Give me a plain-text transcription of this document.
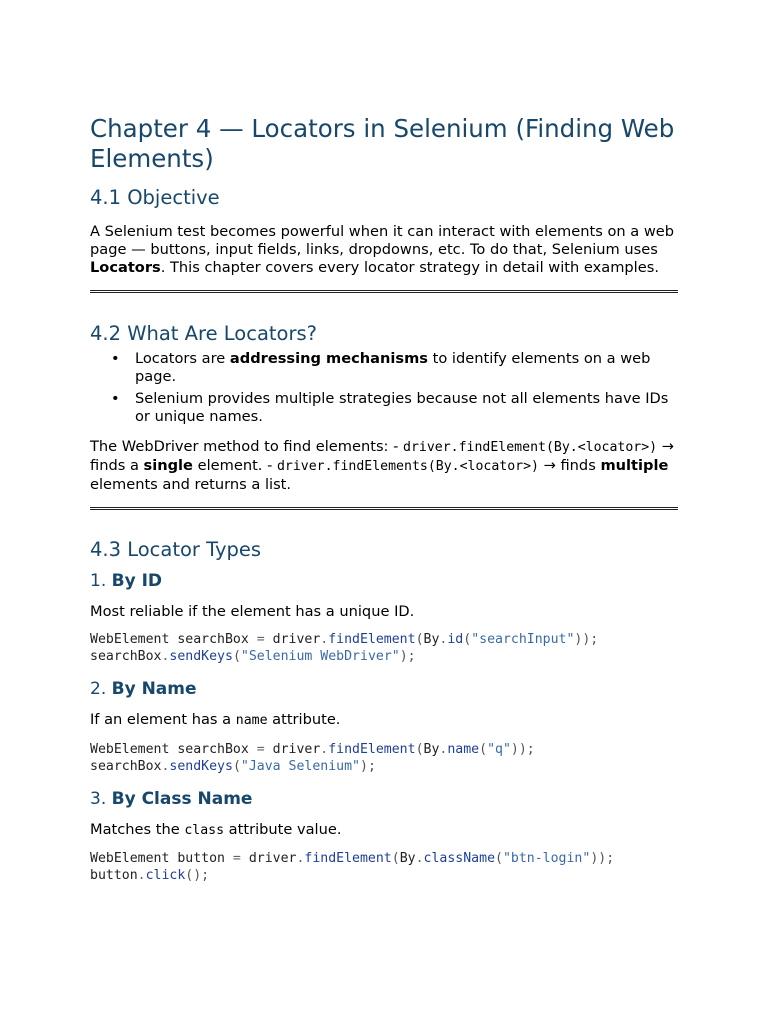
Chapter 4 — Locators in Selenium (Finding Web Elements)
4.1 Objective

A Selenium test becomes powerful when it can interact with elements on a web page — buttons, input fields, links, dropdowns, etc. To do that, Selenium uses Locators. This chapter covers every locator strategy in detail with examples.

4.2 What Are Locators?
• Locators are addressing mechanisms to identify elements on a web page.
• Selenium provides multiple strategies because not all elements have IDs or unique names.

The WebDriver method to find elements: - driver.findElement(By.<locator>) → finds a single element. - driver.findElements(By.<locator>) → finds multiple elements and returns a list.

4.3 Locator Types
1. By ID

Most reliable if the element has a unique ID.

WebElement searchBox = driver.findElement(By.id("searchInput"));
searchBox.sendKeys("Selenium WebDriver");
2. By Name

If an element has a name attribute.

WebElement searchBox = driver.findElement(By.name("q"));
searchBox.sendKeys("Java Selenium");
3. By Class Name

Matches the class attribute value.

WebElement button = driver.findElement(By.className("btn-login"));
button.click();
